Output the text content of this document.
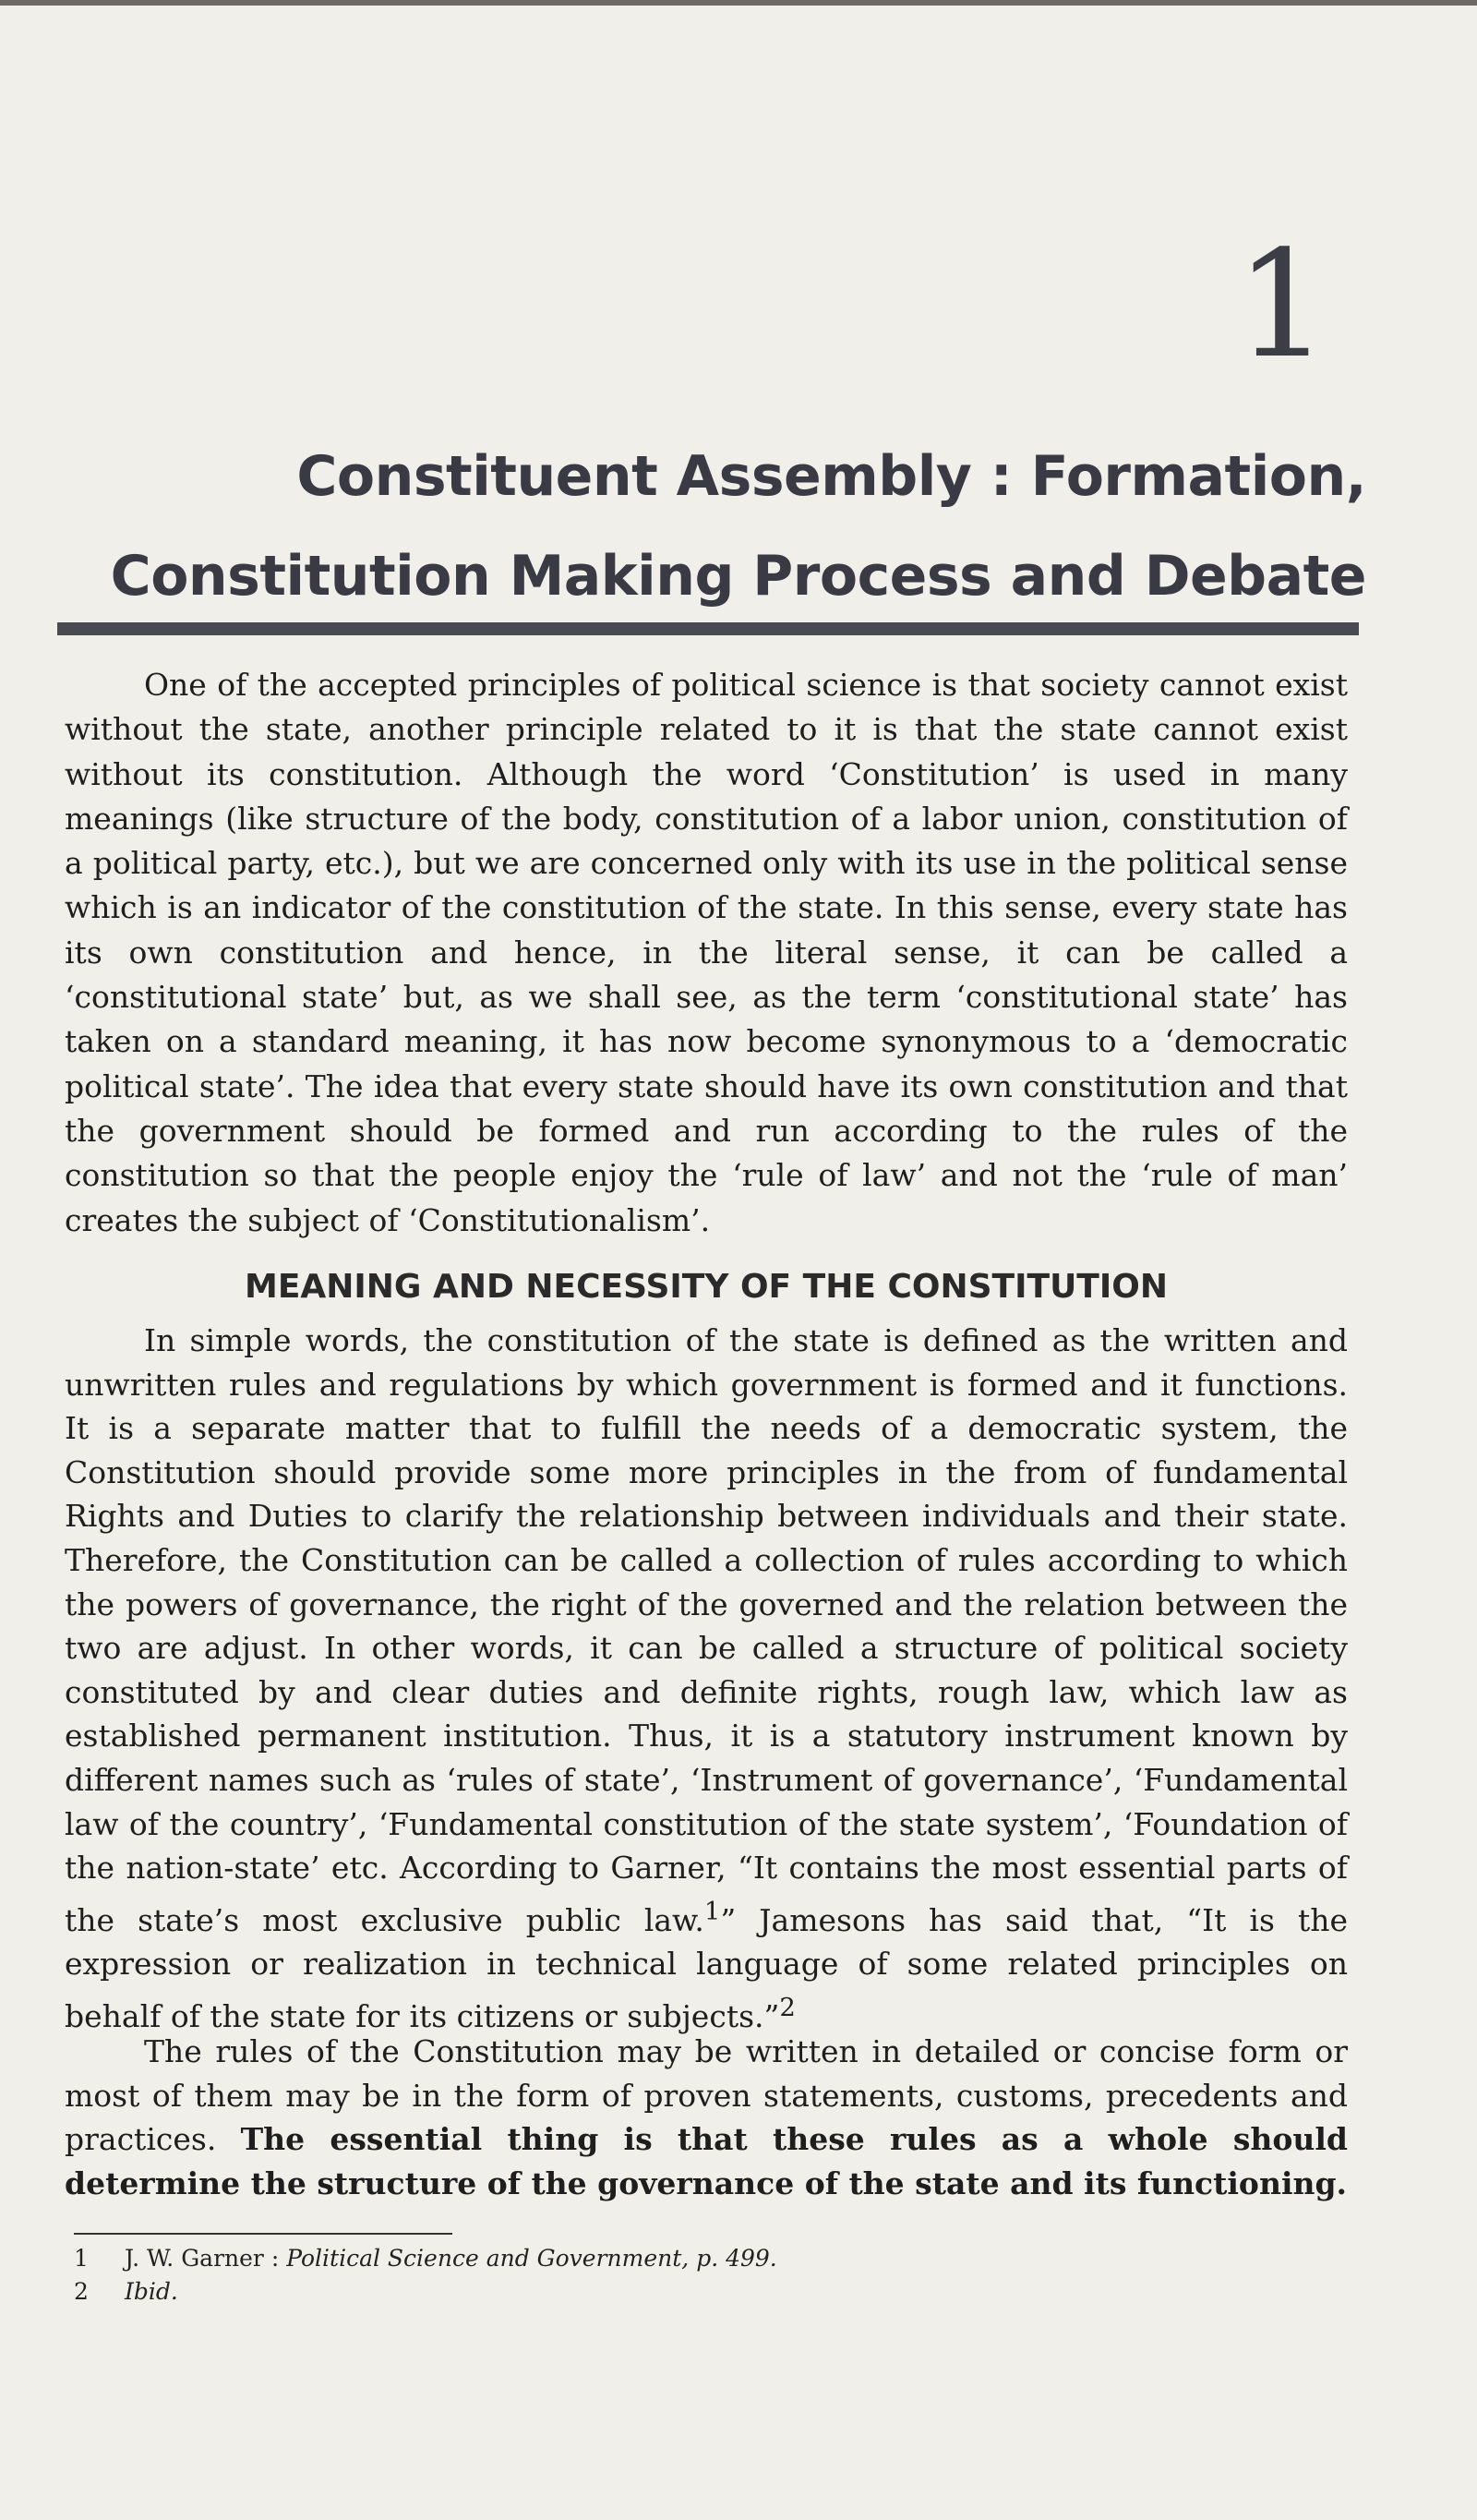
1
Constituent Assembly : Formation,
Constitution Making Process and Debate

One of the accepted principles of political science is that society cannot exist without the state, another principle related to it is that the state cannot exist without its constitution. Although the word ‘Constitution’ is used in many meanings (like structure of the body, constitution of a labor union, constitution of a political party, etc.), but we are concerned only with its use in the political sense which is an indicator of the constitution of the state. In this sense, every state has its own constitution and hence, in the literal sense, it can be called a ‘constitutional state’ but, as we shall see, as the term ‘constitutional state’ has taken on a standard meaning, it has now become synonymous to a ‘democratic political state’. The idea that every state should have its own constitution and that the government should be formed and run according to the rules of the constitution so that the people enjoy the ‘rule of law’ and not the ‘rule of man’ creates the subject of ‘Constitutionalism’.

MEANING AND NECESSITY OF THE CONSTITUTION

In simple words, the constitution of the state is defined as the written and unwritten rules and regulations by which government is formed and it functions. It is a separate matter that to fulfill the needs of a democratic system, the Constitution should provide some more principles in the from of fundamental Rights and Duties to clarify the relationship between individuals and their state. Therefore, the Constitution can be called a collection of rules according to which the powers of governance, the right of the governed and the relation between the two are adjust. In other words, it can be called a structure of political society constituted by and clear duties and definite rights, rough law, which law as established permanent institution. Thus, it is a statutory instrument known by different names such as ‘rules of state’, ‘Instrument of governance’, ‘Fundamental law of the country’, ‘Fundamental constitution of the state system’, ‘Foundation of the nation-state’ etc. According to Garner, “It contains the most essential parts of the state’s most exclusive public law.$^1$” Jamesons has said that, “It is the expression or realization in technical language of some related principles on behalf of the state for its citizens or subjects.”$^2$

The rules of the Constitution may be written in detailed or concise form or most of them may be in the form of proven statements, customs, precedents and practices. The essential thing is that these rules as a whole should determine the structure of the governance of the state and its functioning.

1	J. W. Garner : Political Science and Government, p. 499.
2	Ibid.
